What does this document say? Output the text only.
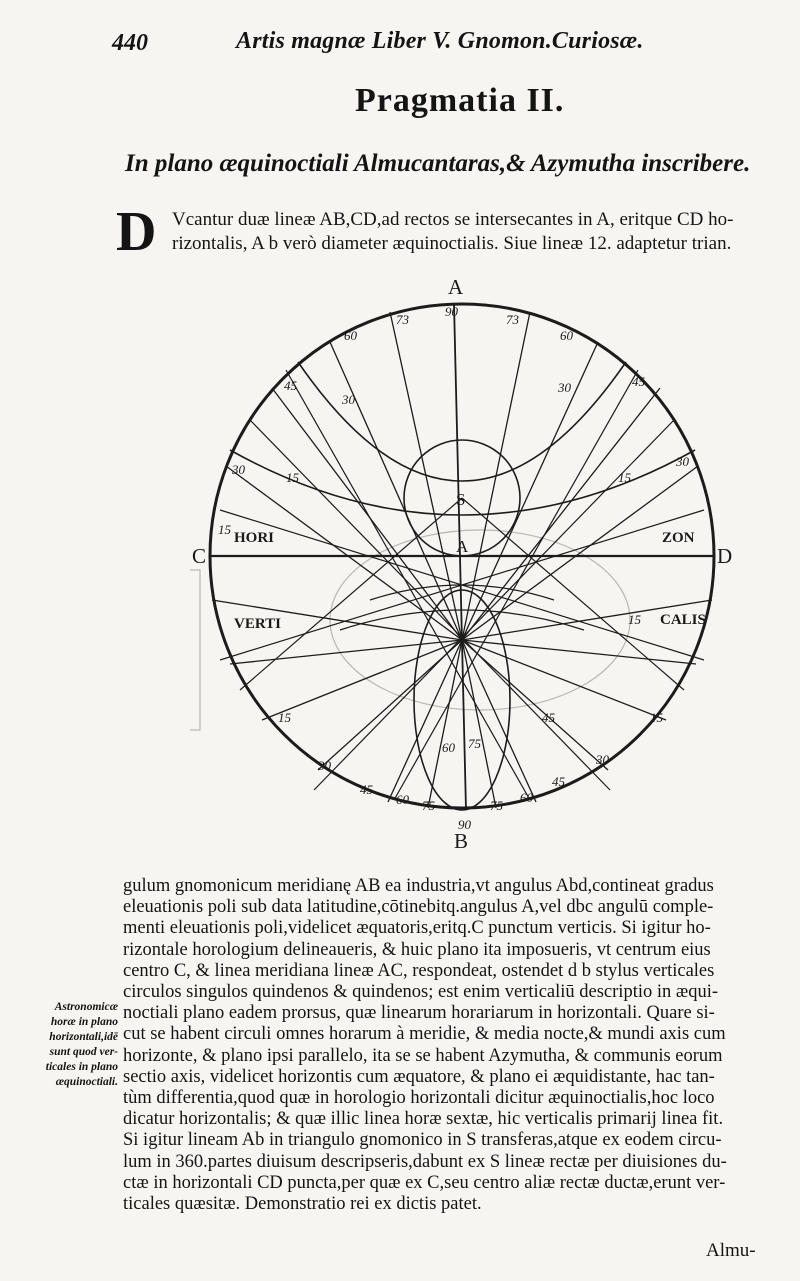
440	Artis magnæ Liber V. Gnomon.Curiosæ.
Pragmatia II.
In plano æquinoctiali Almucantaras,& Azymutha inscribere.
D Vcantur duæ lineæ AB,CD,ad rectos se intersecantes in A, eritque CD ho-
rizontalis, A b verò diameter æquinoctialis. Siue lineæ 12. adaptetur trian.
A
A
B
C	D
S
HORI	ZON
VERTI	CALIS
90
73	73
60	60
45	45
30
30
30
30
15	15
15
15
15	15
30	30
45
45
60	60
75	75
90
45
60 75
Astronomicæ
horæ in plano
horizontali,idē
sunt quod ver-
ticales in plano
æquinoctiali.
gulum gnomonicum meridianę AB ea industria,vt angulus Abd,contineat gradus
eleuationis poli sub data latitudine,cōtinebitq.angulus A,vel dbc angulū comple-
menti eleuationis poli,videlicet æquatoris,eritq.C punctum verticis. Si igitur ho-
rizontale horologium delineaueris, & huic plano ita imposueris, vt centrum eius
centro C, & linea meridiana lineæ AC, respondeat, ostendet d b stylus verticales
circulos singulos quindenos & quindenos; est enim verticaliū descriptio in æqui-
noctiali plano eadem prorsus, quæ linearum horariarum in horizontali. Quare si-
cut se habent circuli omnes horarum à meridie, & media nocte,& mundi axis cum
horizonte, & plano ipsi parallelo, ita se se habent Azymutha, & communis eorum
sectio axis, videlicet horizontis cum æquatore, & plano ei æquidistante, hac tan-
tùm differentia,quod quæ in horologio horizontali dicitur æquinoctialis,hoc loco
dicatur horizontalis; & quæ illic linea horæ sextæ, hic verticalis primarij linea fit.
Si igitur lineam Ab in triangulo gnomonico in S transferas,atque ex eodem circu-
lum in 360.partes diuisum descripseris,dabunt ex S lineæ rectæ per diuisiones du-
ctæ in horizontali CD puncta,per quæ ex C,seu centro aliæ rectæ ductæ,erunt ver-
ticales quæsitæ. Demonstratio rei ex dictis patet.
Almu-
